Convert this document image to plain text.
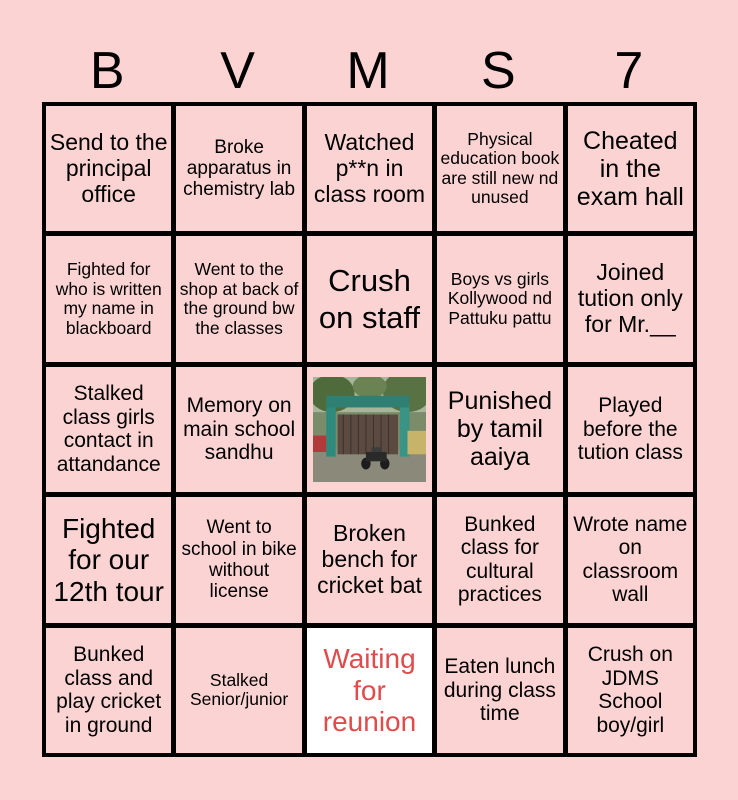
B	V	M	S	7
Send to the principal office
Broke apparatus in chemistry lab
Watched p**n in class room
Physical education book are still new nd unused
Cheated in the exam hall
Fighted for who is written my name in blackboard
Went to the shop at back of the ground bw the classes
Crush on staff
Boys vs girls Kollywood nd Pattuku pattu
Joined tution only for Mr.__
Stalked class girls contact in attandance
Memory on main school sandhu
Punished by tamil aaiya
Played before the tution class
Fighted for our 12th tour
Went to school in bike without license
Broken bench for cricket bat
Bunked class for cultural practices
Wrote name on classroom wall
Bunked class and play cricket in ground
Stalked Senior/junior
Waiting for reunion
Eaten lunch during class time
Crush on JDMS School boy/girl
